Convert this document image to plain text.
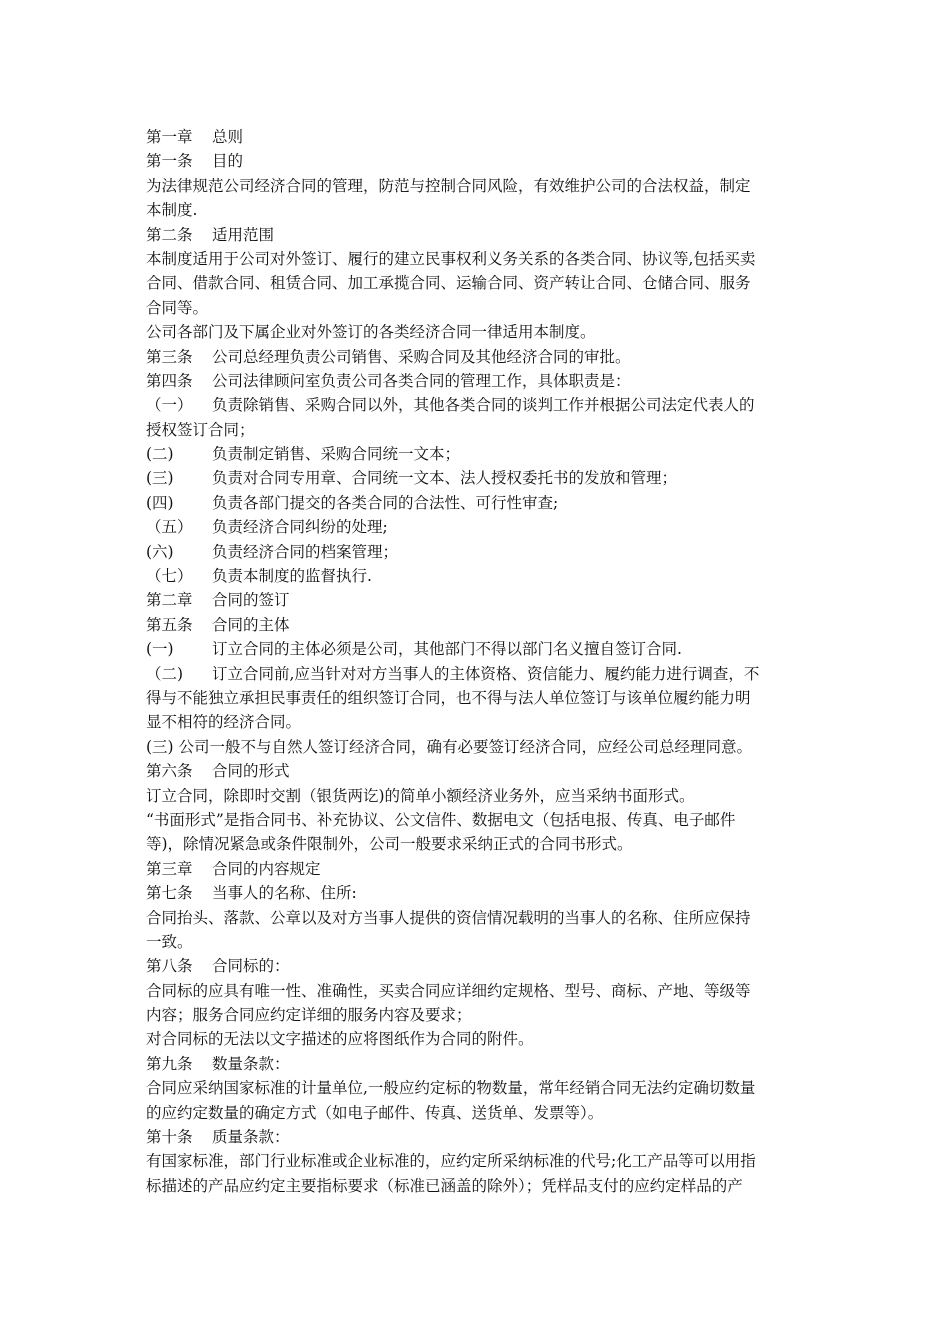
第一章	总则
第一条	目的
为法律规范公司经济合同的管理，防范与控制合同风险，有效维护公司的合法权益，制定
本制度.
第二条	适用范围
本制度适用于公司对外签订、履行的建立民事权利义务关系的各类合同、协议等,包括买卖
合同、借款合同、租赁合同、加工承揽合同、运输合同、资产转让合同、仓储合同、服务
合同等。
公司各部门及下属企业对外签订的各类经济合同一律适用本制度。
第三条	公司总经理负责公司销售、采购合同及其他经济合同的审批。
第四条	公司法律顾问室负责公司各类合同的管理工作，具体职责是：
（一）	负责除销售、采购合同以外，其他各类合同的谈判工作并根据公司法定代表人的
授权签订合同；
(二)	负责制定销售、采购合同统一文本；
(三)	负责对合同专用章、合同统一文本、法人授权委托书的发放和管理；
(四)	负责各部门提交的各类合同的合法性、可行性审查;
（五）	负责经济合同纠纷的处理;
(六)	负责经济合同的档案管理；
（七）	负责本制度的监督执行.
第二章	合同的签订
第五条	合同的主体
(一)	订立合同的主体必须是公司，其他部门不得以部门名义擅自签订合同.
（二)	订立合同前,应当针对对方当事人的主体资格、资信能力、履约能力进行调查，不
得与不能独立承担民事责任的组织签订合同，也不得与法人单位签订与该单位履约能力明
显不相符的经济合同。
(三) 公司一般不与自然人签订经济合同，确有必要签订经济合同，应经公司总经理同意。
第六条	合同的形式
订立合同，除即时交割（银货两讫)的简单小额经济业务外，应当采纳书面形式。
“书面形式”是指合同书、补充协议、公文信件、数据电文（包括电报、传真、电子邮件
等)，除情况紧急或条件限制外，公司一般要求采纳正式的合同书形式。
第三章	合同的内容规定
第七条	当事人的名称、住所:
合同抬头、落款、公章以及对方当事人提供的资信情况载明的当事人的名称、住所应保持
一致。
第八条	合同标的：
合同标的应具有唯一性、准确性，买卖合同应详细约定规格、型号、商标、产地、等级等
内容；服务合同应约定详细的服务内容及要求；
对合同标的无法以文字描述的应将图纸作为合同的附件。
第九条	数量条款：
合同应采纳国家标准的计量单位,一般应约定标的物数量，常年经销合同无法约定确切数量
的应约定数量的确定方式（如电子邮件、传真、送货单、发票等）。
第十条	质量条款：
有国家标准，部门行业标准或企业标准的，应约定所采纳标准的代号;化工产品等可以用指
标描述的产品应约定主要指标要求（标准已涵盖的除外）；凭样品支付的应约定样品的产
